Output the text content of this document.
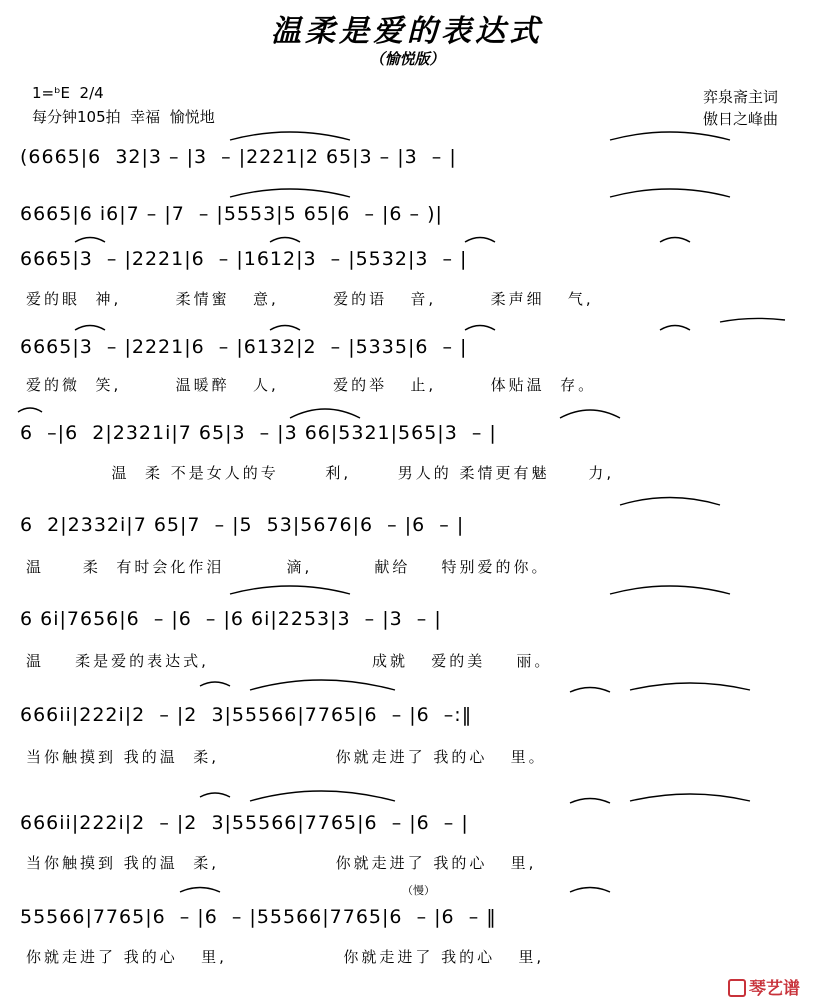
温柔是爱的表达式
（愉悦版）
1=ᵇE  2/4
每分钟105拍  幸福  愉悦地
弈泉斋主词
傲日之峰曲
(6665|6  32|3 – |3  – |2221|2 65|3 – |3  – |
6665|6 i6|7 – |7  – |5553|5 65|6  – |6 – )|
6665|3  – |2221|6  – |1612|3  – |5532|3  – |
爱的眼  神,       柔情蜜   意,       爱的语   音,       柔声细   气,
6665|3  – |2221|6  – |6132|2  – |5335|6  – |
爱的微  笑,       温暖醉   人,       爱的举   止,       体贴温  存。
6  –|6  2|2321i|7 65|3  – |3 66|5321|565|3  – |
温  柔 不是女人的专      利,      男人的 柔情更有魅     力,
6  2|2332i|7 65|7  – |5  53|5676|6  – |6  – |
温     柔  有时会化作泪        滴,        献给    特别爱的你。
6 6i|7656|6  – |6  – |6 6i|2253|3  – |3  – |
温    柔是爱的表达式,                     成就   爱的美    丽。
666ii|222i|2  – |2  3|55566|7765|6  – |6  –:‖
当你触摸到 我的温  柔,               你就走进了 我的心   里。
666ii|222i|2  – |2  3|55566|7765|6  – |6  – |
当你触摸到 我的温  柔,               你就走进了 我的心   里,
（慢）
55566|7765|6  – |6  – |55566|7765|6  – |6  – ‖
你就走进了 我的心   里,               你就走进了 我的心   里,
琴艺谱
